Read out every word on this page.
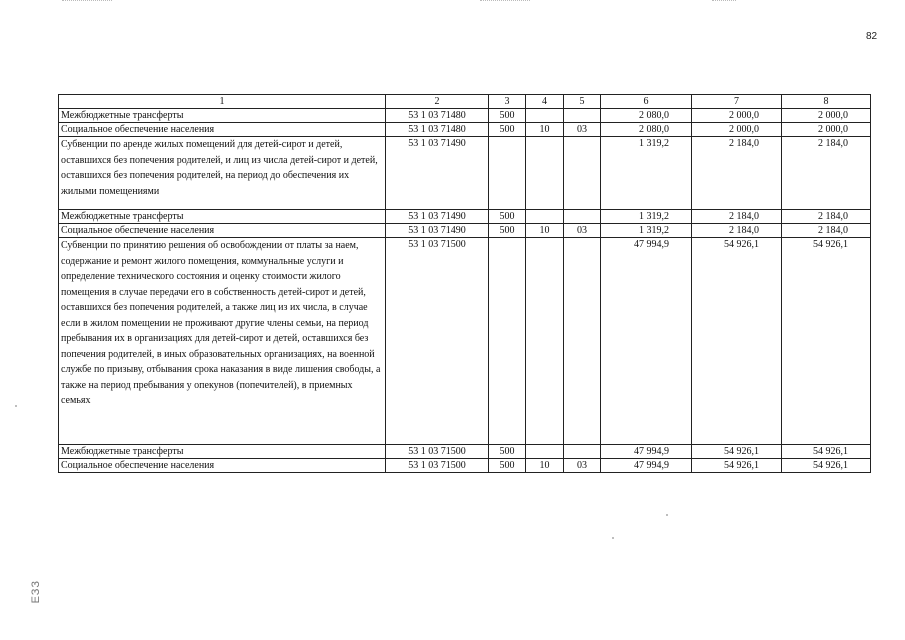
82
ЕЗЗ
1	2	3	4	5	6	7	8
Межбюджетные трансферты	53 1 03 71480	500			2 080,0	2 000,0	2 000,0
Социальное обеспечение населения	53 1 03 71480	500	10	03	2 080,0	2 000,0	2 000,0
Субвенции по аренде жилых помещений для детей-сирот и детей, оставшихся без попечения родителей, и лиц из числа детей-сирот и детей, оставшихся без попечения родителей, на период до обеспечения их жилыми помещениями	53 1 03 71490				1 319,2	2 184,0	2 184,0
Межбюджетные трансферты	53 1 03 71490	500			1 319,2	2 184,0	2 184,0
Социальное обеспечение населения	53 1 03 71490	500	10	03	1 319,2	2 184,0	2 184,0
Субвенции по принятию решения об освобождении от платы за наем, содержание и ремонт жилого помещения, коммунальные услуги и определение технического состояния и оценку стоимости жилого помещения в случае передачи его в собственность детей-сирот и детей, оставшихся без попечения родителей, а также лиц из их числа, в случае если в жилом помещении не проживают другие члены семьи, на период пребывания их в организациях для детей-сирот и детей, оставшихся без попечения родителей, в иных образовательных организациях, на военной службе по призыву, отбывания срока наказания в виде лишения свободы, а также на период пребывания у опекунов (попечителей), в приемных семьях	53 1 03 71500				47 994,9	54 926,1	54 926,1
Межбюджетные трансферты	53 1 03 71500	500			47 994,9	54 926,1	54 926,1
Социальное обеспечение населения	53 1 03 71500	500	10	03	47 994,9	54 926,1	54 926,1
